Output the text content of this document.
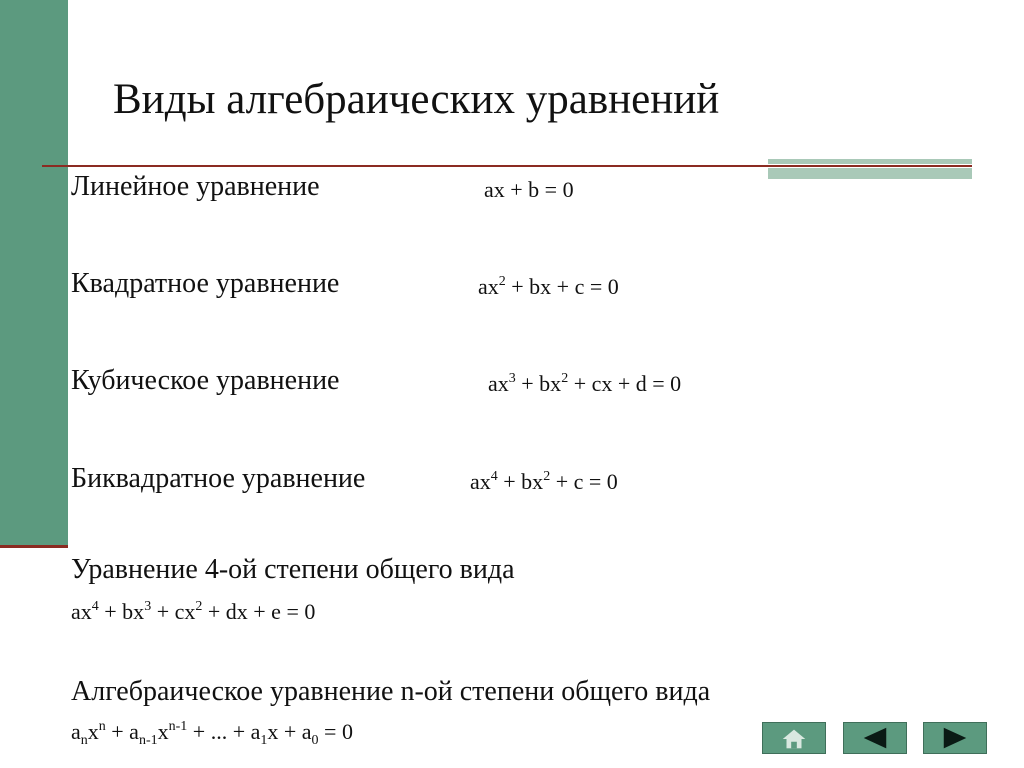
Виды алгебраических уравнений
Линейное уравнение	ax + b = 0
Квадратное уравнение	$ax^2$ + bx + c = 0
Кубическое уравнение	$ax^3 + bx^2$ + cx + d = 0
Биквадратное уравнение	$ax^4 + bx^2 + c = 0$
Уравнение 4-ой степени общего вида
$ax^4 + bx^3 + cx^2$ + dx + e = 0
Алгебраическое уравнение n-ой степени общего вида
$a_nx^n + a_{n-1}x^{n-1}$ + ... + $a_1x + a_0 = 0$
